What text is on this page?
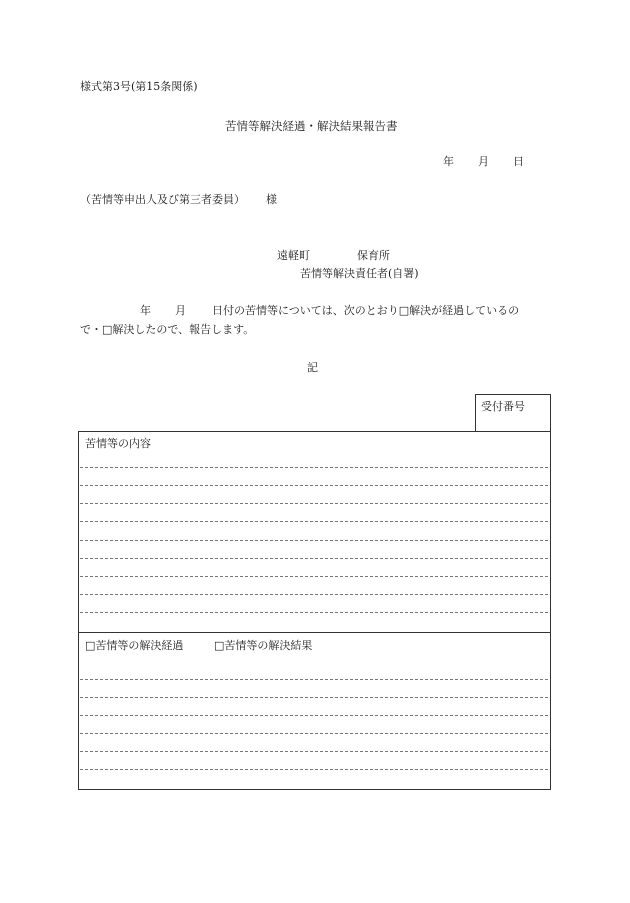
様式第3号(第15条関係)
苦情等解決経過・解決結果報告書
年 月 日
（苦情等申出人及び第三者委員） 様
遠軽町	保育所
苦情等解決責任者(自署)
年 月 日付の苦情等については、次のとおり□解決が経過しているの
で・□解決したので、報告します。
記
受付番号
苦情等の内容
□苦情等の解決経過	□苦情等の解決結果
